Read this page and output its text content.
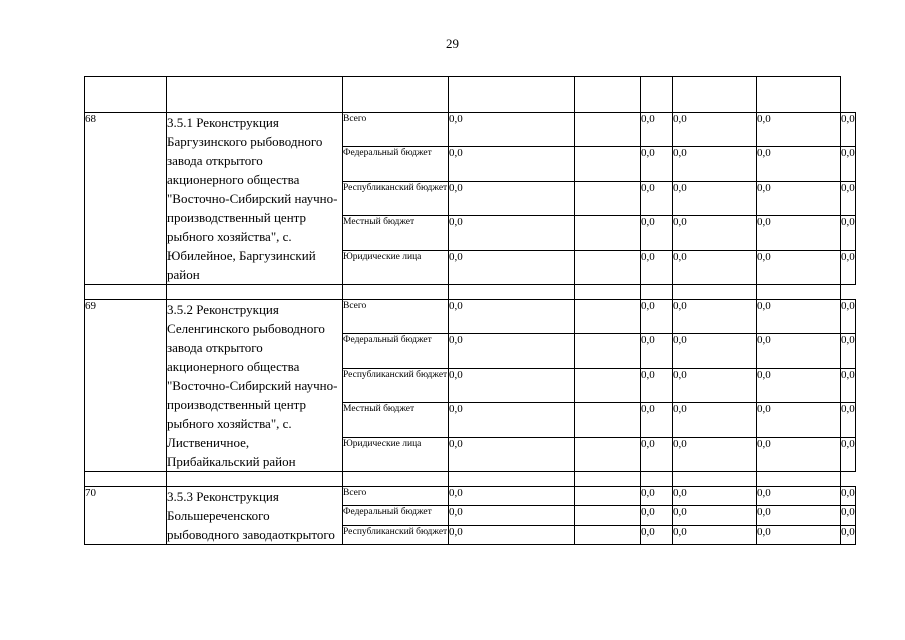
29

68	3.5.1 Реконструкция Баргузинского рыбоводного завода открытого акционерного общества "Восточно-Сибирский научно-производственный центр рыбного хозяйства", с. Юбилейное, Баргузинский район	Всего	0,0		0,0	0,0	0,0	0,0
		Федеральный бюджет	0,0		0,0	0,0	0,0	0,0
		Республиканский бюджет	0,0		0,0	0,0	0,0	0,0
		Местный бюджет	0,0		0,0	0,0	0,0	0,0
		Юридические лица	0,0		0,0	0,0	0,0	0,0

69	3.5.2 Реконструкция Селенгинского рыбоводного завода открытого акционерного общества "Восточно-Сибирский научно-производственный центр рыбного хозяйства", с. Лиственичное, Прибайкальский район	Всего	0,0		0,0	0,0	0,0	0,0
		Федеральный бюджет	0,0		0,0	0,0	0,0	0,0
		Республиканский бюджет	0,0		0,0	0,0	0,0	0,0
		Местный бюджет	0,0		0,0	0,0	0,0	0,0
		Юридические лица	0,0		0,0	0,0	0,0	0,0

70	3.5.3 Реконструкция Большереченского рыбоводного заводаоткрытого	Всего	0,0		0,0	0,0	0,0	0,0
		Федеральный бюджет	0,0		0,0	0,0	0,0	0,0
		Республиканский бюджет	0,0		0,0	0,0	0,0	0,0
